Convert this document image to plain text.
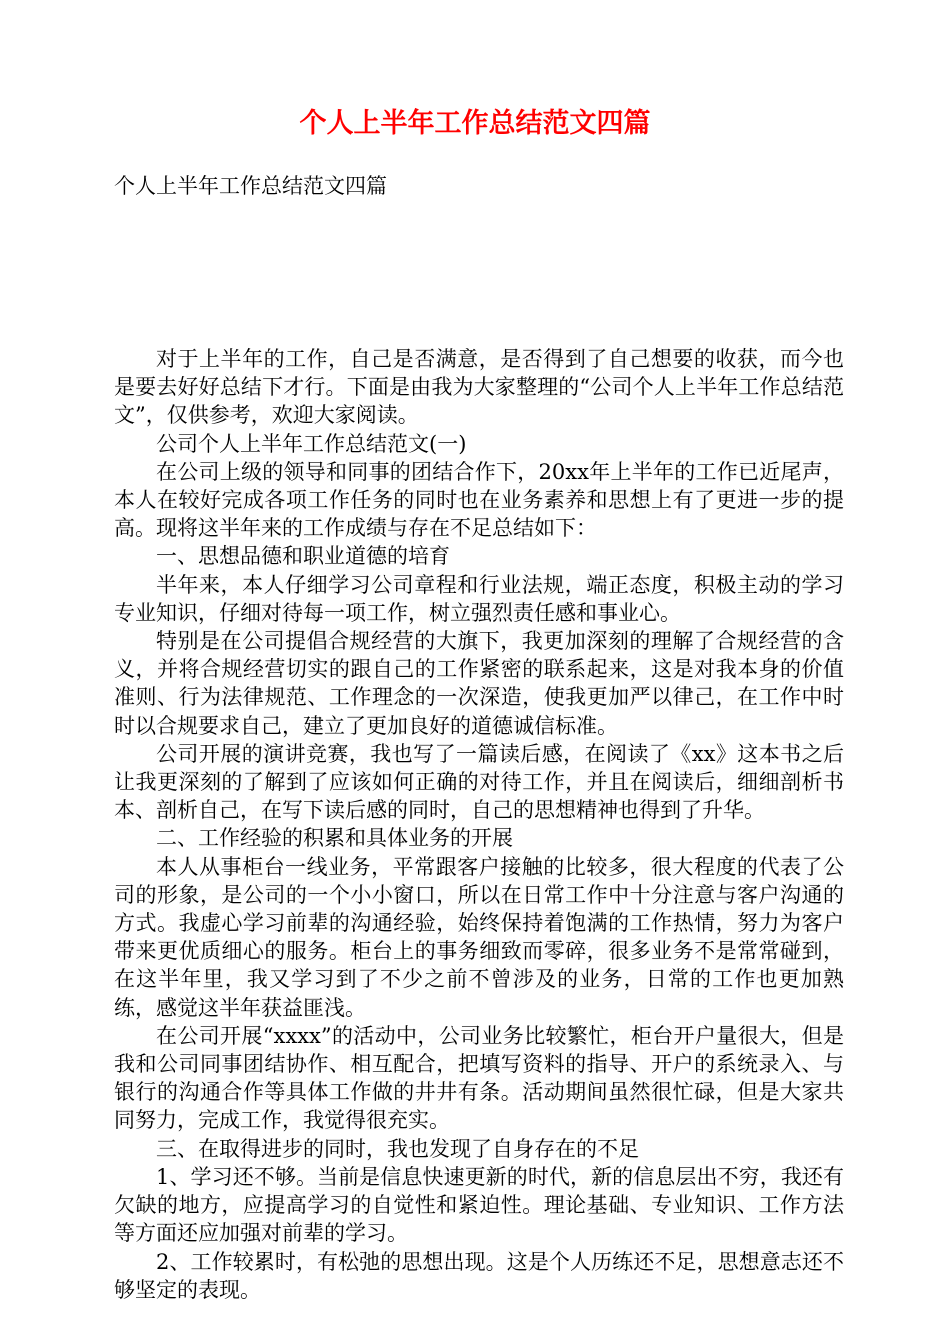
个人上半年工作总结范文四篇

个人上半年工作总结范文四篇

对于上半年的工作，自己是否满意，是否得到了自己想要的收获，而今也是要去好好总结下才行。下面是由我为大家整理的“公司个人上半年工作总结范文”，仅供参考，欢迎大家阅读。

公司个人上半年工作总结范文(一)

在公司上级的领导和同事的团结合作下，20xx年上半年的工作已近尾声，本人在较好完成各项工作任务的同时也在业务素养和思想上有了更进一步的提高。现将这半年来的工作成绩与存在不足总结如下：

一、思想品德和职业道德的培育

半年来，本人仔细学习公司章程和行业法规，端正态度，积极主动的学习专业知识，仔细对待每一项工作，树立强烈责任感和事业心。

特别是在公司提倡合规经营的大旗下，我更加深刻的理解了合规经营的含义，并将合规经营切实的跟自己的工作紧密的联系起来，这是对我本身的价值准则、行为法律规范、工作理念的一次深造，使我更加严以律己，在工作中时时以合规要求自己，建立了更加良好的道德诚信标准。

公司开展的演讲竞赛，我也写了一篇读后感，在阅读了《xx》这本书之后让我更深刻的了解到了应该如何正确的对待工作，并且在阅读后，细细剖析书本、剖析自己，在写下读后感的同时，自己的思想精神也得到了升华。

二、工作经验的积累和具体业务的开展

本人从事柜台一线业务，平常跟客户接触的比较多，很大程度的代表了公司的形象，是公司的一个小小窗口，所以在日常工作中十分注意与客户沟通的方式。我虚心学习前辈的沟通经验，始终保持着饱满的工作热情，努力为客户带来更优质细心的服务。柜台上的事务细致而零碎，很多业务不是常常碰到，在这半年里，我又学习到了不少之前不曾涉及的业务，日常的工作也更加熟练，感觉这半年获益匪浅。

在公司开展“xxxx”的活动中，公司业务比较繁忙，柜台开户量很大，但是我和公司同事团结协作、相互配合，把填写资料的指导、开户的系统录入、与银行的沟通合作等具体工作做的井井有条。活动期间虽然很忙碌，但是大家共同努力，完成工作，我觉得很充实。

三、在取得进步的同时，我也发现了自身存在的不足

1、学习还不够。当前是信息快速更新的时代，新的信息层出不穷，我还有欠缺的地方，应提高学习的自觉性和紧迫性。理论基础、专业知识、工作方法等方面还应加强对前辈的学习。

2、工作较累时，有松弛的思想出现。这是个人历练还不足，思想意志还不够坚定的表现。
